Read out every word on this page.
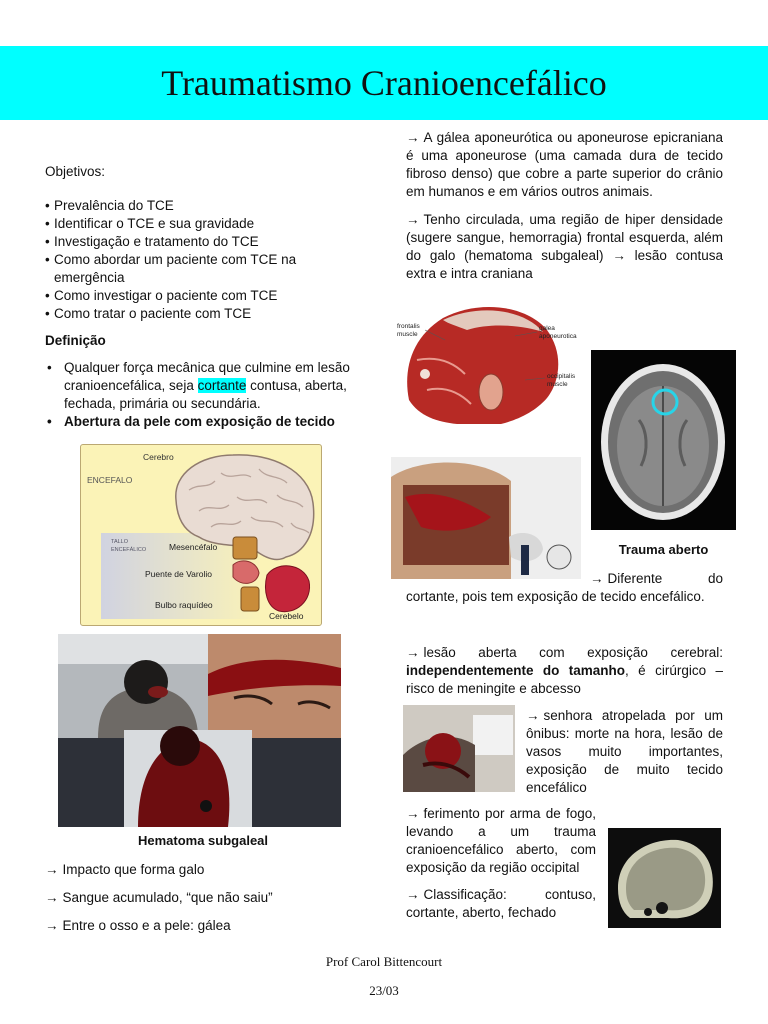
Traumatismo Cranioencefálico
Objetivos:
• Prevalência do TCE
• Identificar o TCE e sua gravidade
• Investigação e tratamento do TCE
• Como abordar um paciente com TCE na emergência
• Como investigar o paciente com TCE
• Como tratar o paciente com TCE
Definição
• Qualquer força mecânica que culmine em lesão cranioencefálica, seja cortante contusa, aberta, fechada, primária ou secundária.
• Abertura da pele com exposição de tecido
Cerebro
ENCEFALO
TALLO
ENCEFÁLICO	Mesencéfalo
Puente de Varolio
Bulbo raquídeo
Cerebelo
Hematoma subgaleal

→ Impacto que forma galo

→ Sangue acumulado, “que não saiu”

→ Entre o osso e a pele: gálea

→ A gálea aponeurótica ou aponeurose epicraniana é uma aponeurose (uma camada dura de tecido fibroso denso) que cobre a parte superior do crânio em humanos e em vários outros animais.
→ Tenho circulada, uma região de hiper densidade (sugere sangue, hemorragia) frontal esquerda, além do galo (hematoma subgaleal) → lesão contusa extra e intra craniana
frontalis
muscle
galea
aponeurotica
occipitalis
muscle
Trauma aberto
→ Diferente do cortante, pois tem exposição de tecido encefálico.
→ lesão aberta com exposição cerebral: independentemente do tamanho, é cirúrgico – risco de meningite e abcesso
→ senhora atropelada por um ônibus: morte na hora, lesão de vasos muito importantes, exposição de muito tecido encefálico
→ ferimento por arma de fogo, levando a um trauma cranioencefálico aberto, com exposição da região occipital
→ Classificação: contuso, cortante, aberto, fechado
Prof Carol Bittencourt
23/03
